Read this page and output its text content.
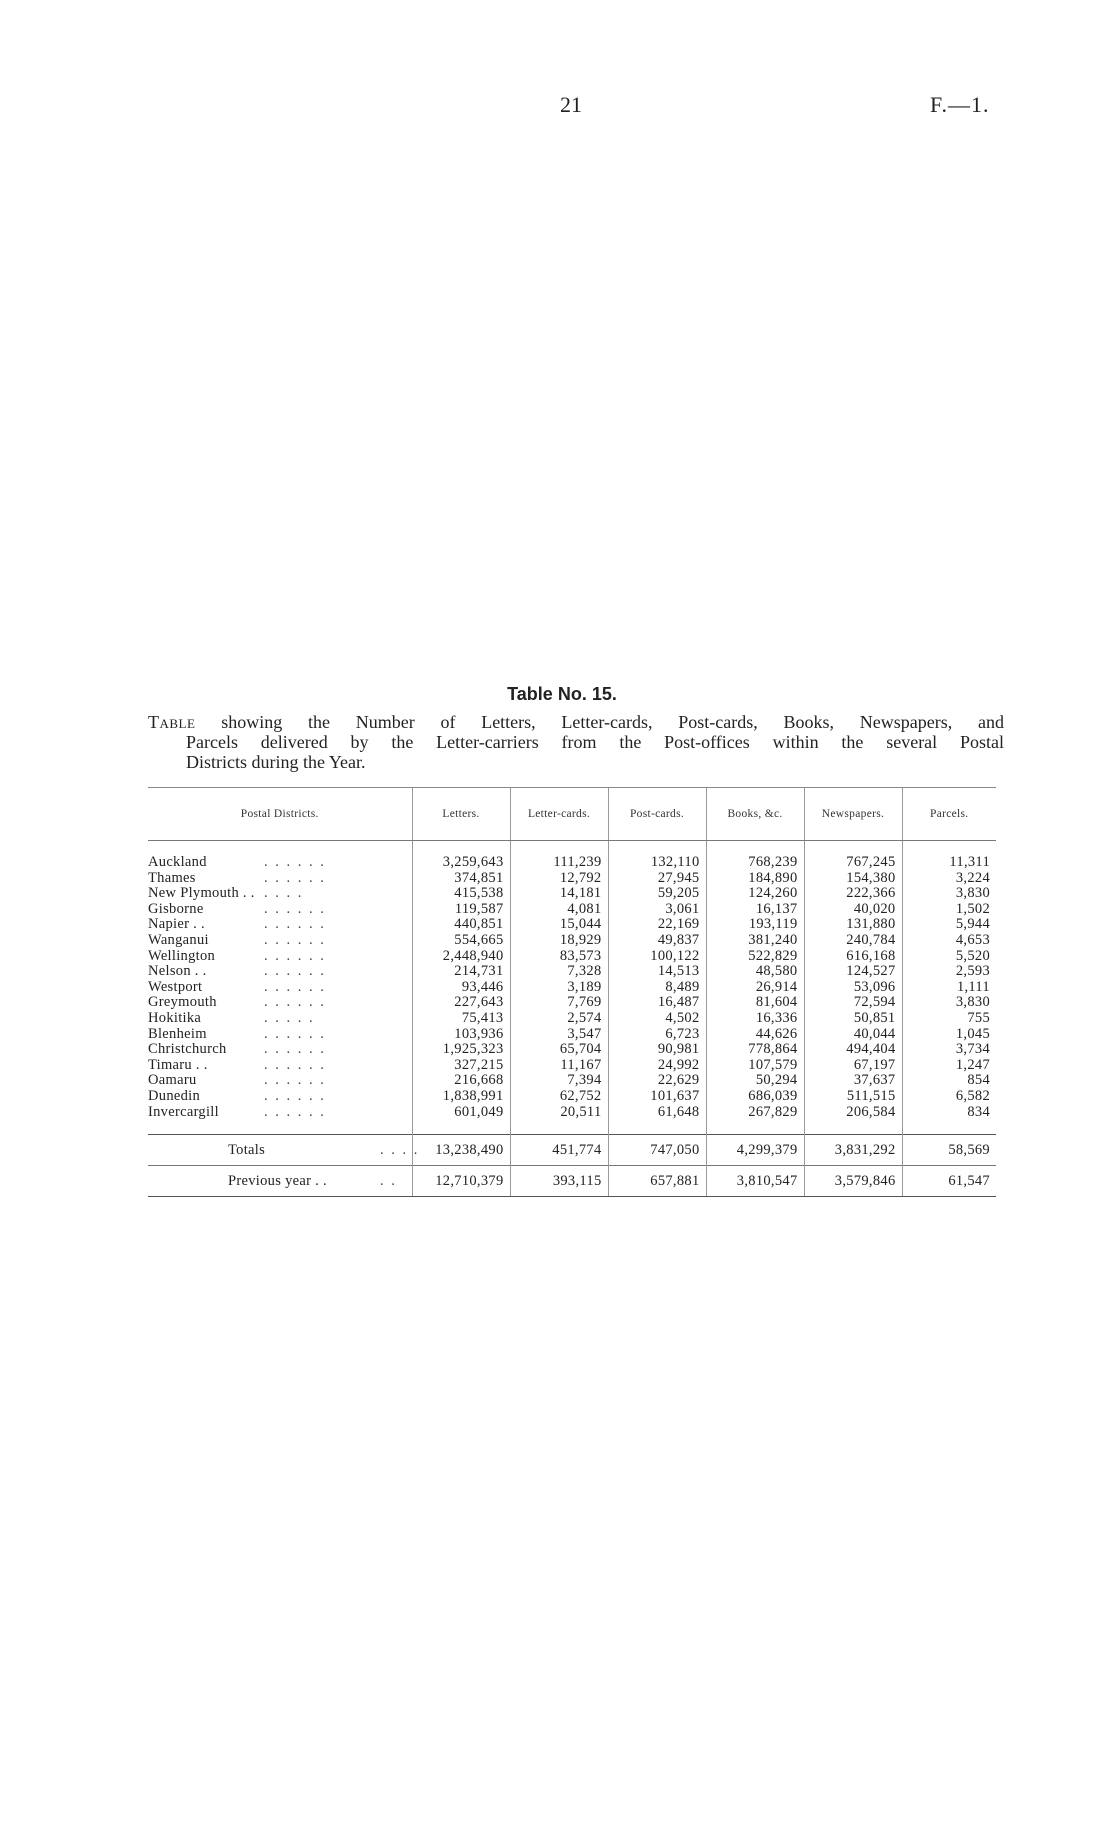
21	F.—1.
Table No. 15.
Table showing the Number of Letters, Letter-cards, Post-cards, Books, Newspapers, and
Parcels delivered by the Letter-carriers from the Post-offices within the several Postal
Districts during the Year.
Postal Districts.	Letters.	Letter-cards.	Post-cards.	Books, &c.	Newspapers.	Parcels.

Auckland . . . . . .	3,259,643	111,239	132,110	768,239	767,245	11,311
Thames . . . . . .	374,851	12,792	27,945	184,890	154,380	3,224
New Plymouth . . . . . .	415,538	14,181	59,205	124,260	222,366	3,830
Gisborne . . . . . .	119,587	4,081	3,061	16,137	40,020	1,502
Napier . . . . . . . .	440,851	15,044	22,169	193,119	131,880	5,944
Wanganui . . . . . .	554,665	18,929	49,837	381,240	240,784	4,653
Wellington . . . . . .	2,448,940	83,573	100,122	522,829	616,168	5,520
Nelson . . . . . . . .	214,731	7,328	14,513	48,580	124,527	2,593
Westport . . . . . .	93,446	3,189	8,489	26,914	53,096	1,111
Greymouth . . . . . .	227,643	7,769	16,487	81,604	72,594	3,830
Hokitika . . . . .	75,413	2,574	4,502	16,336	50,851	755
Blenheim . . . . . .	103,936	3,547	6,723	44,626	40,044	1,045
Christchurch . . . . . .	1,925,323	65,704	90,981	778,864	494,404	3,734
Timaru . . . . . . . .	327,215	11,167	24,992	107,579	67,197	1,247
Oamaru . . . . . .	216,668	7,394	22,629	50,294	37,637	854
Dunedin . . . . . .	1,838,991	62,752	101,637	686,039	511,515	6,582
Invercargill . . . . . .	601,049	20,511	61,648	267,829	206,584	834

Totals . . . .	13,238,490	451,774	747,050	4,299,379	3,831,292	58,569
Previous year . . . .	12,710,379	393,115	657,881	3,810,547	3,579,846	61,547
